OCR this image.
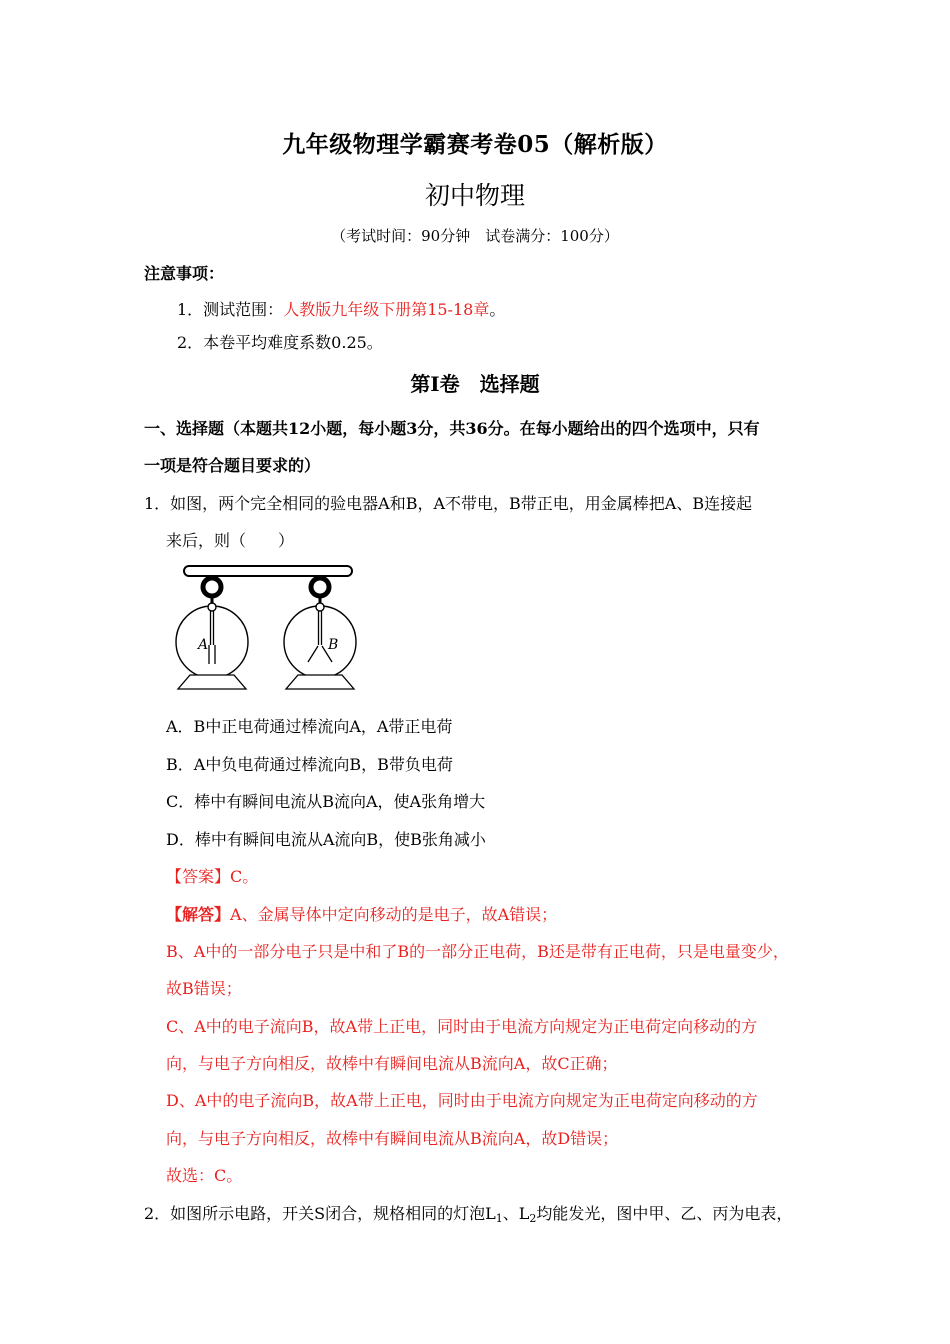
九年级物理学霸赛考卷05（解析版）
初中物理
（考试时间：90分钟　试卷满分：100分）
注意事项：
1．测试范围：人教版九年级下册第15-18章。
2．本卷平均难度系数0.25。
第Ⅰ卷　选择题
一、选择题（本题共12小题，每小题3分，共36分。在每小题给出的四个选项中，只有
一项是符合题目要求的）
1．如图，两个完全相同的验电器A和B，A不带电，B带正电，用金属棒把A、B连接起
来后，则（　　）
A	B
A．B中正电荷通过棒流向A，A带正电荷
B．A中负电荷通过棒流向B，B带负电荷
C．棒中有瞬间电流从B流向A，使A张角增大
D．棒中有瞬间电流从A流向B，使B张角减小
【答案】C。
【解答】A、金属导体中定向移动的是电子，故A错误；
B、A中的一部分电子只是中和了B的一部分正电荷，B还是带有正电荷，只是电量变少，
故B错误；
C、A中的电子流向B，故A带上正电，同时由于电流方向规定为正电荷定向移动的方
向，与电子方向相反，故棒中有瞬间电流从B流向A，故C正确；
D、A中的电子流向B，故A带上正电，同时由于电流方向规定为正电荷定向移动的方
向，与电子方向相反，故棒中有瞬间电流从B流向A，故D错误；
故选：C。
2．如图所示电路，开关S闭合，规格相同的灯泡$L_1$、$L_2$均能发光，图中甲、乙、丙为电表，
